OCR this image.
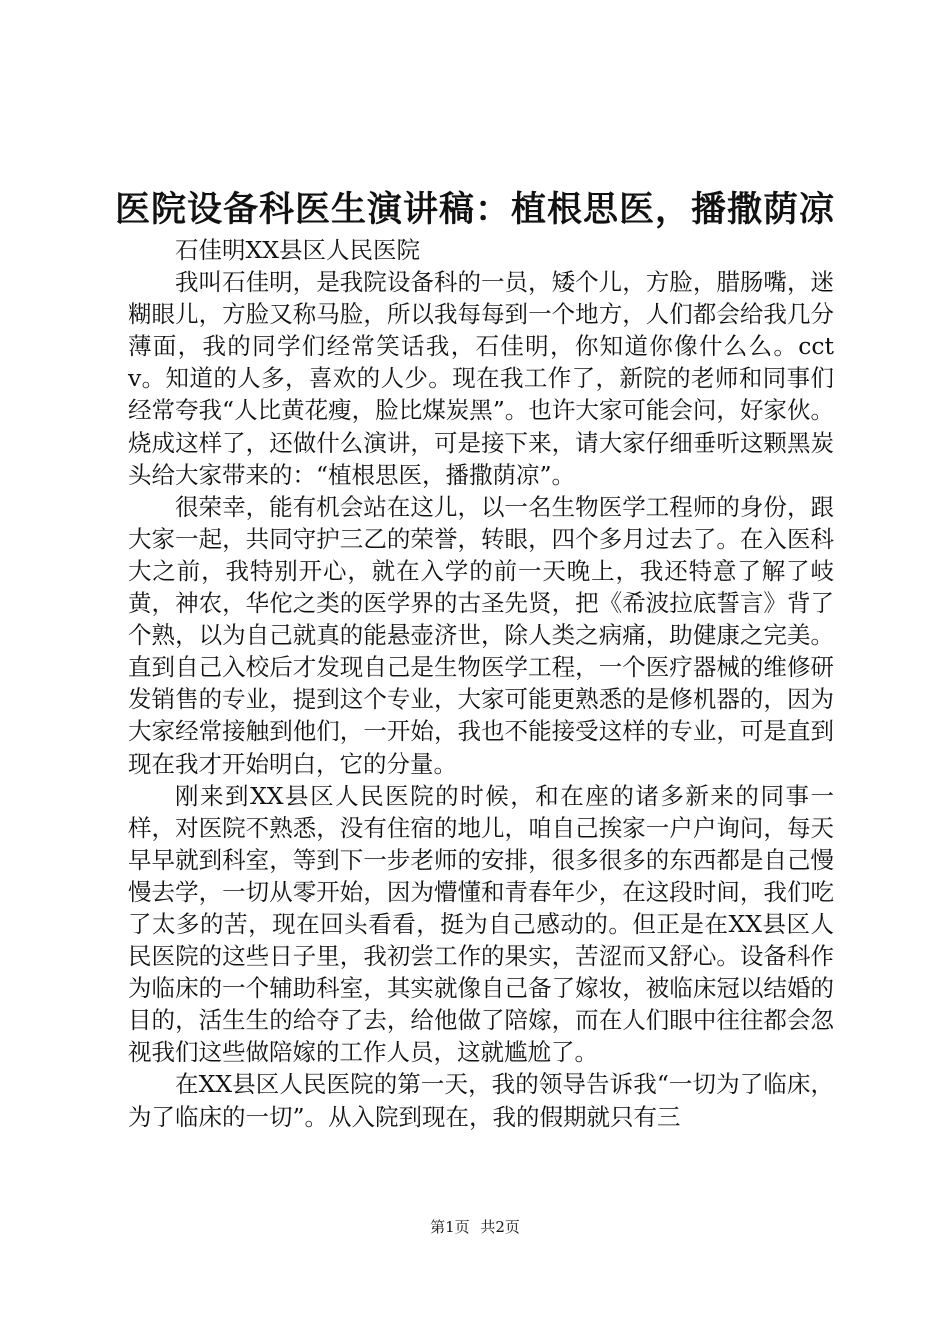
医院设备科医生演讲稿：植根思医，播撒荫凉

石佳明XX县区人民医院

我叫石佳明，是我院设备科的一员，矮个儿，方脸，腊肠嘴，迷糊眼儿，方脸又称马脸，所以我每每到一个地方，人们都会给我几分薄面，我的同学们经常笑话我，石佳明，你知道你像什么么。cctv。知道的人多，喜欢的人少。现在我工作了，新院的老师和同事们经常夸我“人比黄花瘦，脸比煤炭黑”。也许大家可能会问，好家伙。烧成这样了，还做什么演讲，可是接下来，请大家仔细垂听这颗黑炭头给大家带来的：“植根思医，播撒荫凉”。

很荣幸，能有机会站在这儿，以一名生物医学工程师的身份，跟大家一起，共同守护三乙的荣誉，转眼，四个多月过去了。在入医科大之前，我特别开心，就在入学的前一天晚上，我还特意了解了岐黄，神农，华佗之类的医学界的古圣先贤，把《希波拉底誓言》背了个熟，以为自己就真的能悬壶济世，除人类之病痛，助健康之完美。直到自己入校后才发现自己是生物医学工程，一个医疗器械的维修研发销售的专业，提到这个专业，大家可能更熟悉的是修机器的，因为大家经常接触到他们，一开始，我也不能接受这样的专业，可是直到现在我才开始明白，它的分量。

刚来到XX县区人民医院的时候，和在座的诸多新来的同事一样，对医院不熟悉，没有住宿的地儿，咱自己挨家一户户询问，每天早早就到科室，等到下一步老师的安排，很多很多的东西都是自己慢慢去学，一切从零开始，因为懵懂和青春年少，在这段时间，我们吃了太多的苦，现在回头看看，挺为自己感动的。但正是在XX县区人民医院的这些日子里，我初尝工作的果实，苦涩而又舒心。设备科作为临床的一个辅助科室，其实就像自己备了嫁妆，被临床冠以结婚的目的，活生生的给夺了去，给他做了陪嫁，而在人们眼中往往都会忽视我们这些做陪嫁的工作人员，这就尴尬了。

在XX县区人民医院的第一天，我的领导告诉我“一切为了临床，为了临床的一切”。从入院到现在，我的假期就只有三

第1页 共2页
